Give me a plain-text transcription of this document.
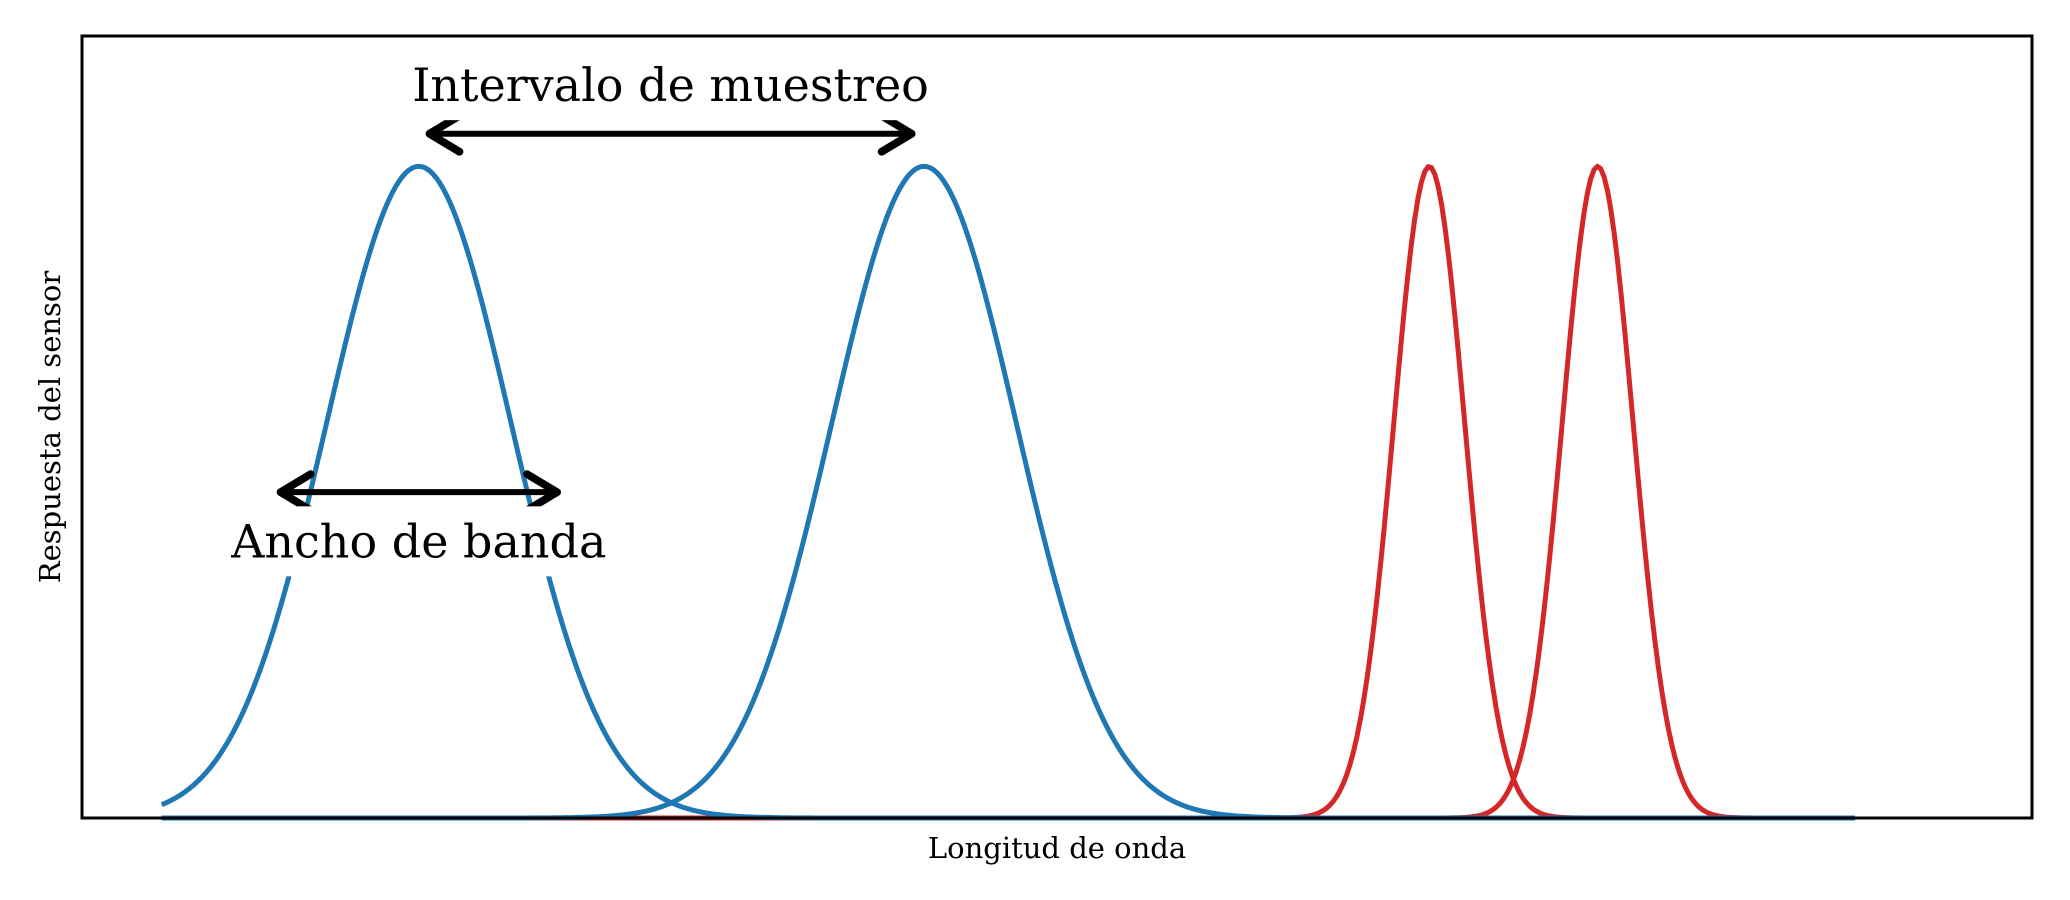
Intervalo de muestreo
Ancho de banda
Longitud de onda
Respuesta del sensor
